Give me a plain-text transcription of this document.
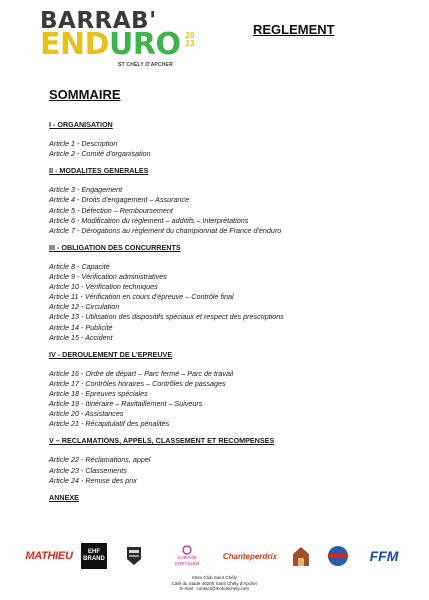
BARRAB'
ENDURO 20
23
ST CHÉLY D'APCHER
REGLEMENT
SOMMAIRE
I - ORGANISATION
Article 1 - Description
Article 2 - Comité d'organisation
II - MODALITES GENERALES
Article 3 - Engagement
Article 4 - Droits d'engagement – Assurance
Article 5 - Défection – Remboursement
Article 6 - Modification du règlement – additifs – Interprétations
Article 7 - Dérogations au règlement du championnat de France d'enduro
III - OBLIGATION DES CONCURRENTS
Article 8 - Capacité
Article 9 - Vérification administratives
Article 10 - Vérification techniques
Article 11 - Vérification en cours d'épreuve – Contrôle final
Article 12 - Circulation
Article 13 - Utilisation des dispositifs spéciaux et respect des prescriptions
Article 14 - Publicité
Article 15 - Accident
IV - DEROULEMENT DE L'EPREUVE
Article 16 - Ordre de départ – Parc fermé – Parc de travail
Article 17 - Contrôles horaires – Contrôles de passages
Article 18 - Epreuves spéciales
Article 19 - Itinéraire – Ravitaillement – Suiveurs
Article 20 - Assistances
Article 21 - Récapitulatif des pénalités
V – RECLAMATIONS, APPELS, CLASSEMENT ET RECOMPENSES
Article 22 - Réclamations, appel
Article 23 - Classements
Article 24 - Remise des prix
ANNEXE
MATHIEU	EHF
BRAND	GARAGE
CHRYSLER
Chanteperdrix	FFM
Moto Club Saint Chély
Café du Stade 48200 Saint Chély d'Apcher
E-mail : contact@motostchely.com
